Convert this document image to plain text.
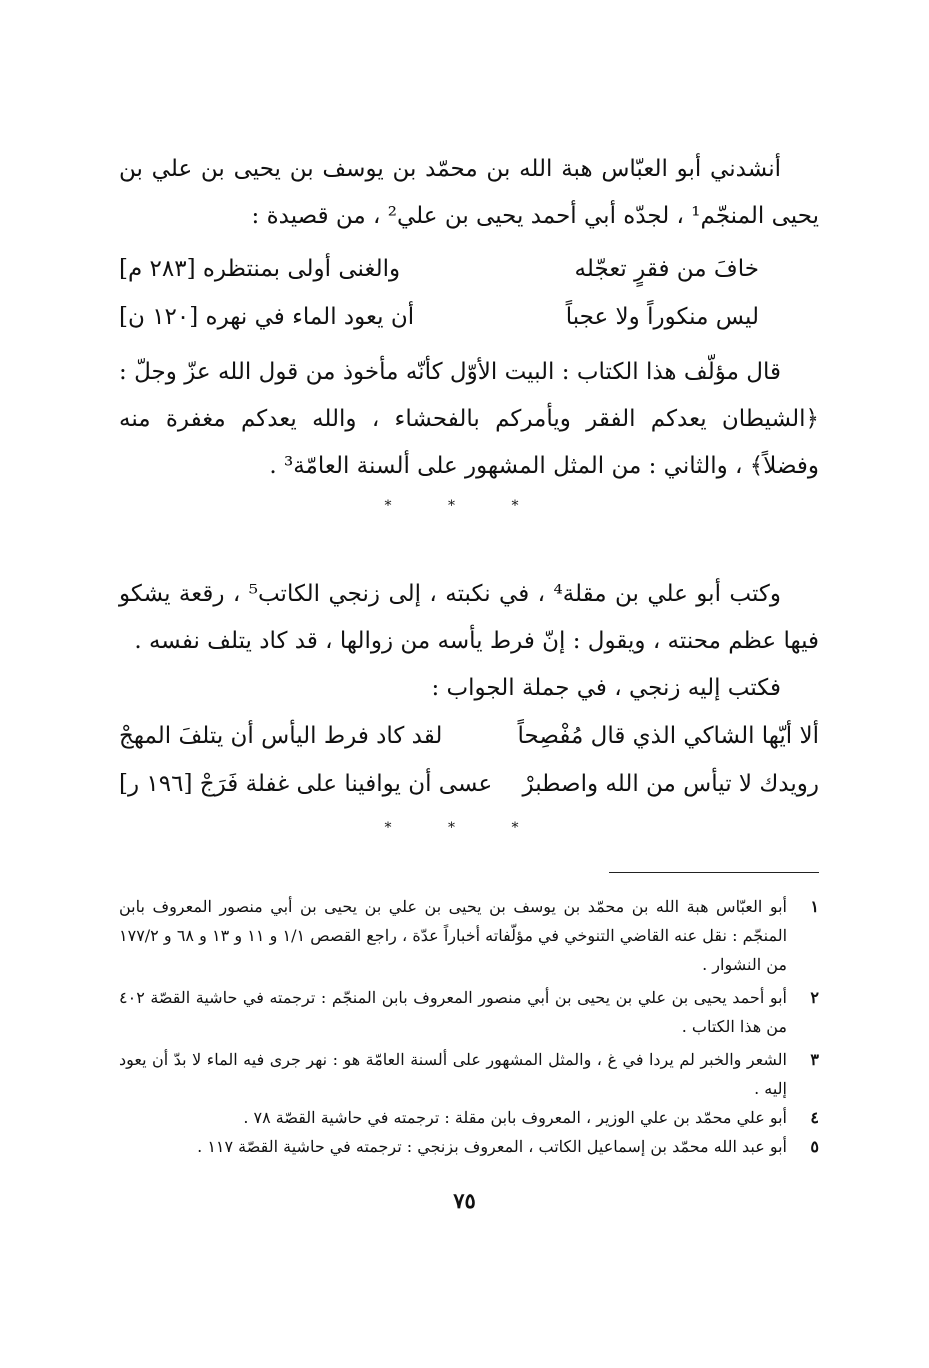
أنشدني أبو العبّاس هبة الله بن محمّد بن يوسف بن يحيى بن علي بن يحيى المنجّم¹ ، لجدّه أبي أحمد يحيى بن علي² ، من قصيدة :

خافَ من فقرٍ تعجّله
والغنى أولى بمنتظره [٢٨٣ م]
ليس منكوراً ولا عجباً
أن يعود الماء في نهره [١٢٠ ن]

قال مؤلّف هذا الكتاب : البيت الأوّل كأنّه مأخوذ من قول الله عزّ وجلّ : ﴿الشيطان يعدكم الفقر ويأمركم بالفحشاء ، والله يعدكم مغفرة منه وفضلاً﴾ ، والثاني : من المثل المشهور على ألسنة العامّة³ .

* * *

وكتب أبو علي بن مقلة⁴ ، في نكبته ، إلى زنجي الكاتب⁵ ، رقعة يشكو فيها عظم محنته ، ويقول : إنّ فرط يأسه من زوالها ، قد كاد يتلف نفسه .

فكتب إليه زنجي ، في جملة الجواب :

ألا أيّها الشاكي الذي قال مُفْصِحاً
لقد كاد فرط اليأس أن يتلفَ المهجْ
رويدك لا تيأس من الله واصطبرْ
عسى أن يوافينا على غفلة فَرَجْ [١٩٦ ر]
* * *
١
أبو العبّاس هبة الله بن محمّد بن يوسف بن يحيى بن علي بن يحيى بن أبي منصور المعروف بابن المنجّم : نقل عنه القاضي التنوخي في مؤلّفاته أخباراً عدّة ، راجع القصص ١/١ و ١١ و ١٣ و ٦٨ و ١٧٧/٢ من النشوار .
٢
أبو أحمد يحيى بن علي بن يحيى بن أبي منصور المعروف بابن المنجّم : ترجمته في حاشية القصّة ٤٠٢ من هذا الكتاب .
٣
الشعر والخبر لم يردا في غ ، والمثل المشهور على ألسنة العامّة هو : نهر جرى فيه الماء لا بدّ أن يعود إليه .
٤
أبو علي محمّد بن علي الوزير ، المعروف بابن مقلة : ترجمته في حاشية القصّة ٧٨ .
٥
أبو عبد الله محمّد بن إسماعيل الكاتب ، المعروف بزنجي : ترجمته في حاشية القصّة ١١٧ .
٧٥
